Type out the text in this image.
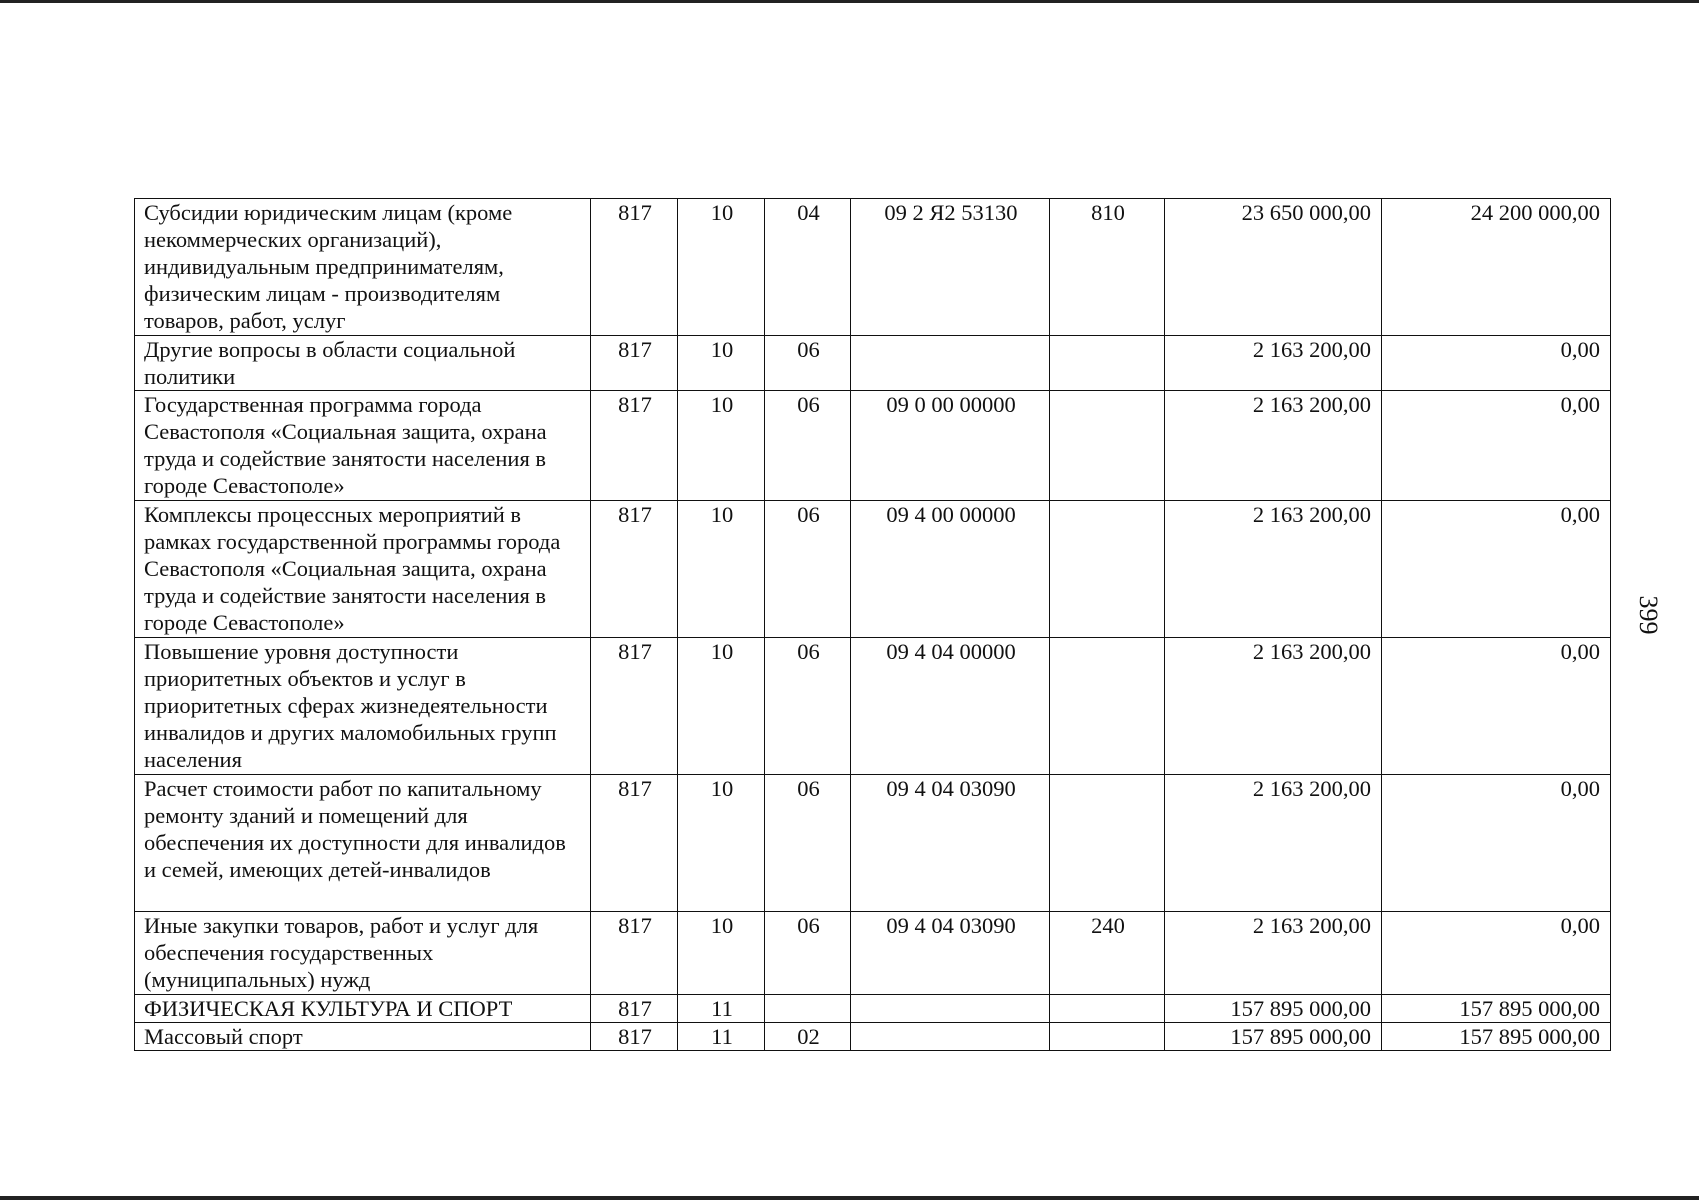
Субсидии юридическим лицам (кроме некоммерческих организаций), индивидуальным предпринимателям, физическим лицам - производителям товаров, работ, услуг	817	10	04	09 2 Я2 53130	810	23 650 000,00	24 200 000,00
Другие вопросы в области социальной политики	817	10	06			2 163 200,00	0,00
Государственная программа города Севастополя «Социальная защита, охрана труда и содействие занятости населения в городе Севастополе»	817	10	06	09 0 00 00000		2 163 200,00	0,00
Комплексы процессных мероприятий в рамках государственной программы города Севастополя «Социальная защита, охрана труда и содействие занятости населения в городе Севастополе»	817	10	06	09 4 00 00000		2 163 200,00	0,00
Повышение уровня доступности приоритетных объектов и услуг в приоритетных сферах жизнедеятельности инвалидов и других маломобильных групп населения	817	10	06	09 4 04 00000		2 163 200,00	0,00
Расчет стоимости работ по капитальному ремонту зданий и помещений для обеспечения их доступности для инвалидов и семей, имеющих детей-инвалидов	817	10	06	09 4 04 03090		2 163 200,00	0,00
Иные закупки товаров, работ и услуг для обеспечения государственных (муниципальных) нужд	817	10	06	09 4 04 03090	240	2 163 200,00	0,00
ФИЗИЧЕСКАЯ КУЛЬТУРА И СПОРТ	817	11				157 895 000,00	157 895 000,00
Массовый спорт	817	11	02			157 895 000,00	157 895 000,00
399
